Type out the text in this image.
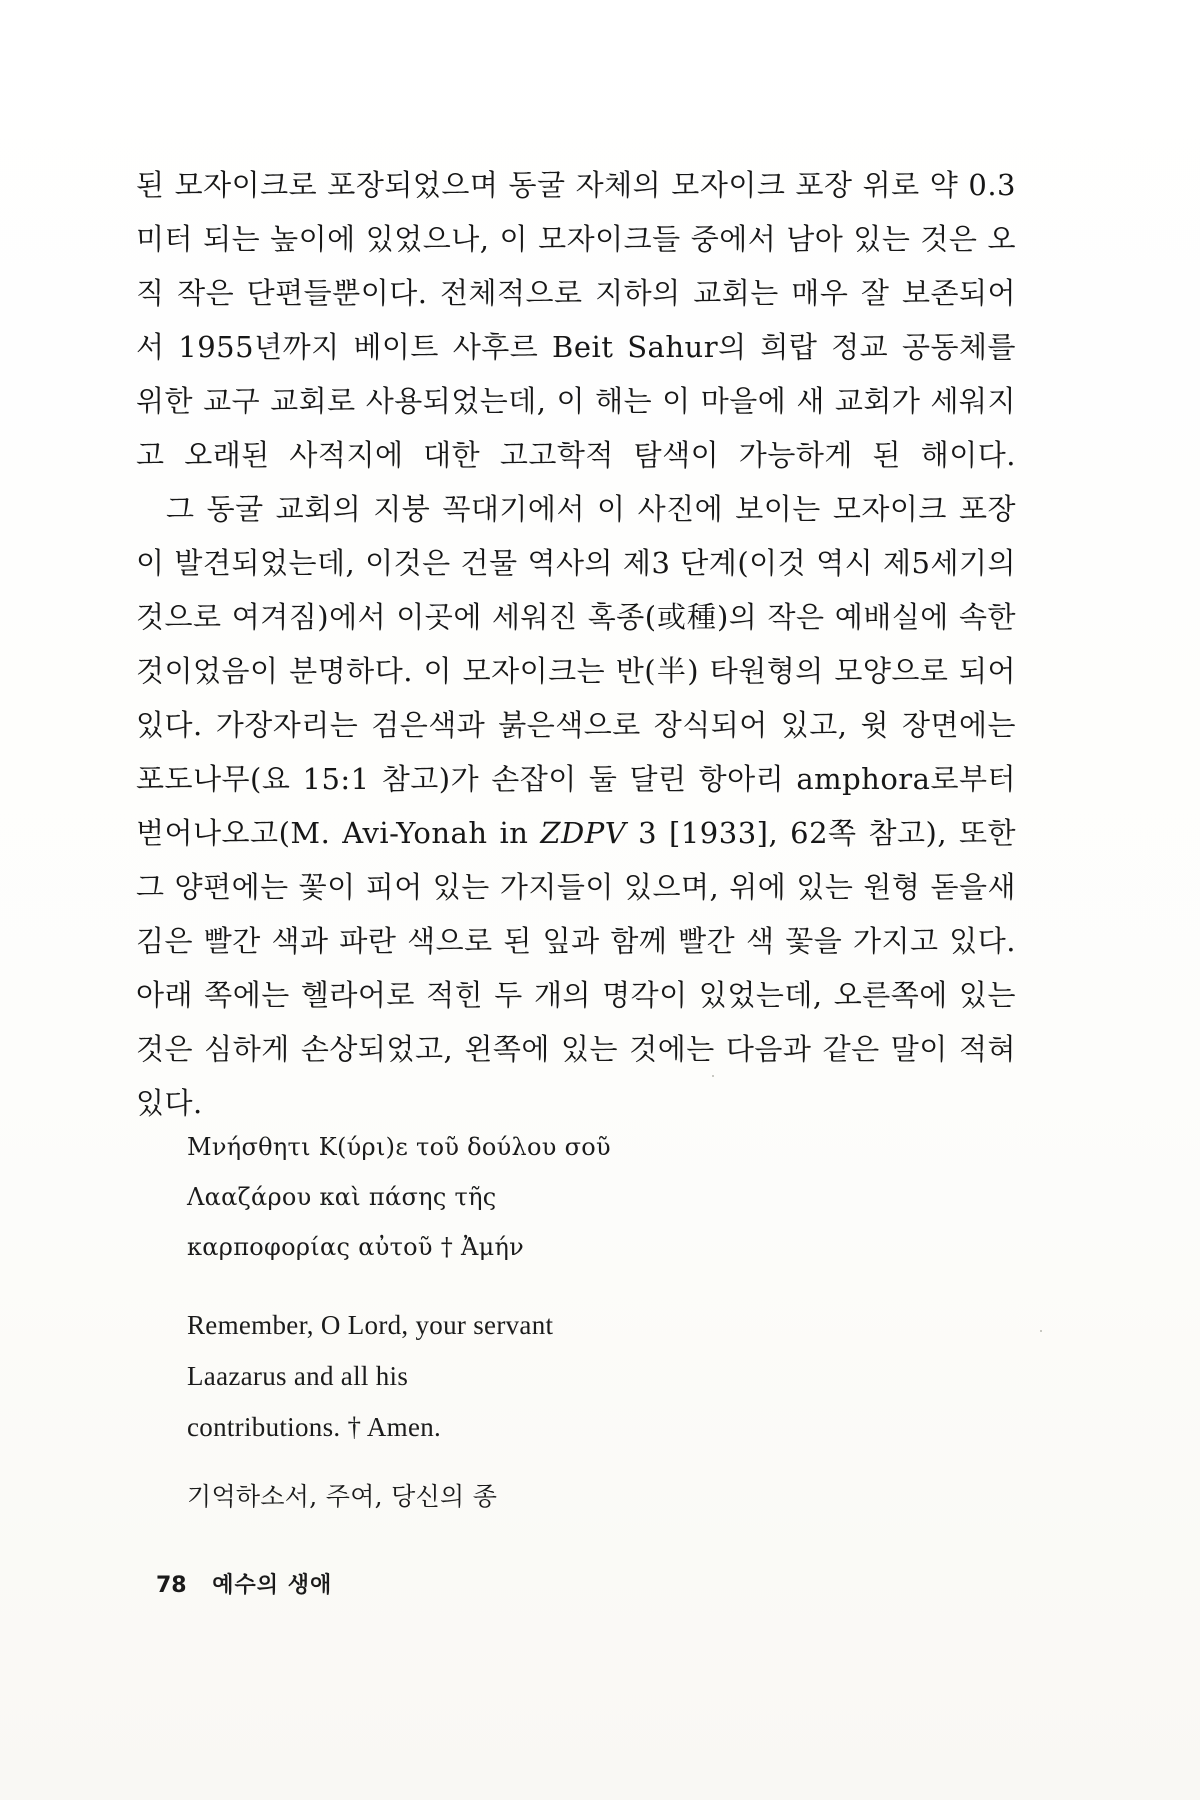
된 모자이크로 포장되었으며 동굴 자체의 모자이크 포장 위로 약 0.3미터 되는 높이에 있었으나, 이 모자이크들 중에서 남아 있는 것은 오직 작은 단편들뿐이다. 전체적으로 지하의 교회는 매우 잘 보존되어서 1955년까지 베이트 사후르 Beit Sahur의 희랍 정교 공동체를 위한 교구 교회로 사용되었는데, 이 해는 이 마을에 새 교회가 세워지고 오래된 사적지에 대한 고고학적 탐색이 가능하게 된 해이다.

그 동굴 교회의 지붕 꼭대기에서 이 사진에 보이는 모자이크 포장이 발견되었는데, 이것은 건물 역사의 제3 단계(이것 역시 제5세기의 것으로 여겨짐)에서 이곳에 세워진 혹종(或種)의 작은 예배실에 속한 것이었음이 분명하다. 이 모자이크는 반(半) 타원형의 모양으로 되어 있다. 가장자리는 검은색과 붉은색으로 장식되어 있고, 윗 장면에는 포도나무(요 15:1 참고)가 손잡이 둘 달린 항아리 amphora로부터 벋어나오고(M. Avi-Yonah in ZDPV 3 [1933], 62쪽 참고), 또한 그 양편에는 꽃이 피어 있는 가지들이 있으며, 위에 있는 원형 돋을새김은 빨간 색과 파란 색으로 된 잎과 함께 빨간 색 꽃을 가지고 있다. 아래 쪽에는 헬라어로 적힌 두 개의 명각이 있었는데, 오른쪽에 있는 것은 심하게 손상되었고, 왼쪽에 있는 것에는 다음과 같은 말이 적혀 있다.

Μνήσθητι Κ(ύρι)ε τοῦ δούλου σοῦ
Λααζάρου καὶ πάσης τῆς
καρποφορίας αὐτοῦ † Ἀμήν
Remember, O Lord, your servant
Laazarus and all his
contributions. † Amen.
기억하소서, 주여, 당신의 종
78 예수의 생애
